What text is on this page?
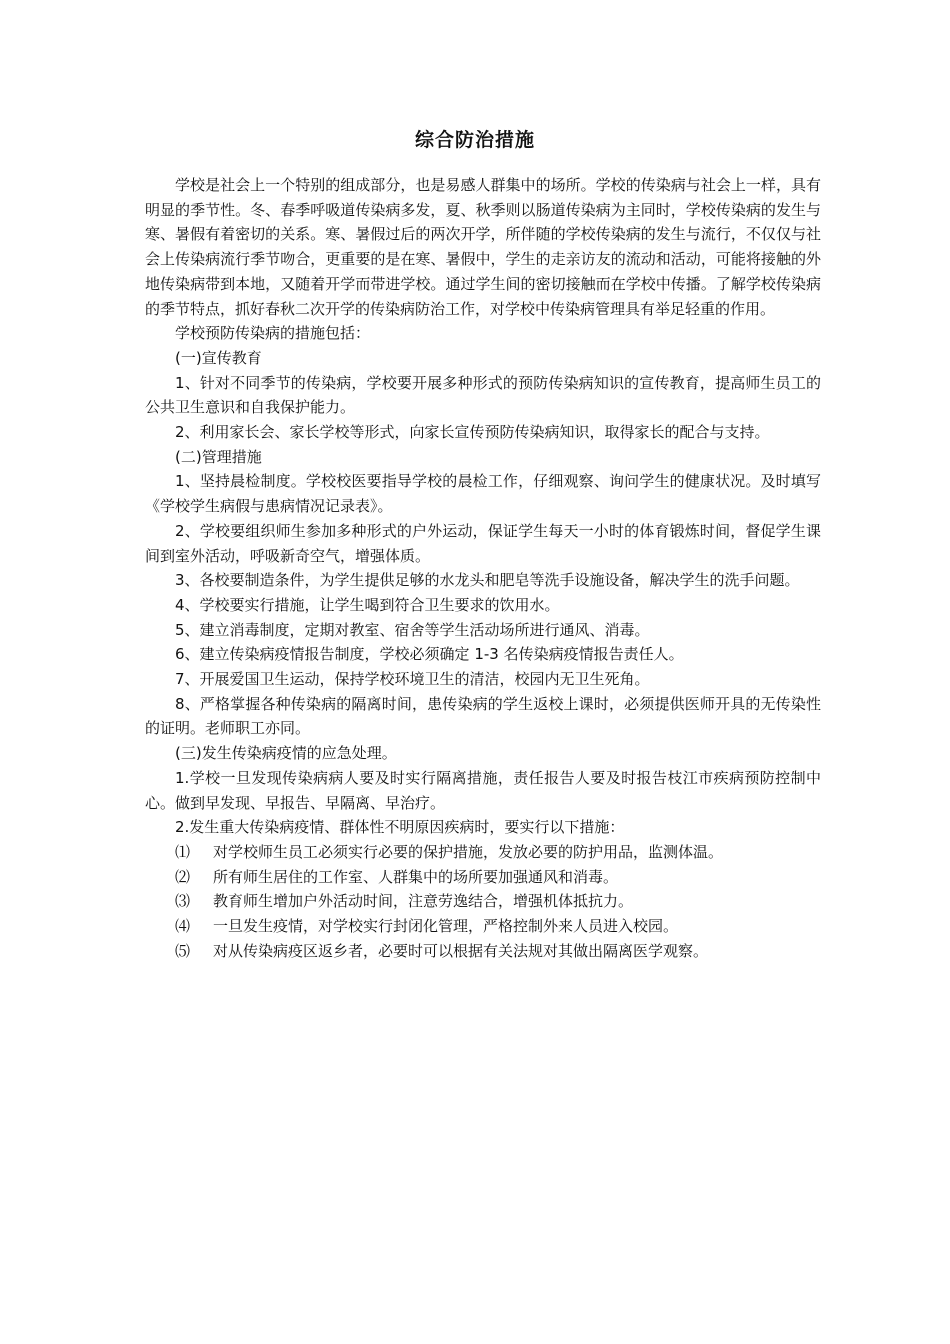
综合防治措施

学校是社会上一个特别的组成部分，也是易感人群集中的场所。学校的传染病与社会上一样，具有明显的季节性。冬、春季呼吸道传染病多发，夏、秋季则以肠道传染病为主同时，学校传染病的发生与寒、暑假有着密切的关系。寒、暑假过后的两次开学，所伴随的学校传染病的发生与流行，不仅仅与社会上传染病流行季节吻合，更重要的是在寒、暑假中，学生的走亲访友的流动和活动，可能将接触的外地传染病带到本地，又随着开学而带进学校。通过学生间的密切接触而在学校中传播。了解学校传染病的季节特点，抓好春秋二次开学的传染病防治工作，对学校中传染病管理具有举足轻重的作用。

学校预防传染病的措施包括：

(一)宣传教育

1、针对不同季节的传染病，学校要开展多种形式的预防传染病知识的宣传教育，提高师生员工的公共卫生意识和自我保护能力。

2、利用家长会、家长学校等形式，向家长宣传预防传染病知识，取得家长的配合与支持。

(二)管理措施

1、坚持晨检制度。学校校医要指导学校的晨检工作，仔细观察、询问学生的健康状况。及时填写《学校学生病假与患病情况记录表》。

2、学校要组织师生参加多种形式的户外运动，保证学生每天一小时的体育锻炼时间，督促学生课间到室外活动，呼吸新奇空气，增强体质。

3、各校要制造条件，为学生提供足够的水龙头和肥皂等洗手设施设备，解决学生的洗手问题。

4、学校要实行措施，让学生喝到符合卫生要求的饮用水。

5、建立消毒制度，定期对教室、宿舍等学生活动场所进行通风、消毒。

6、建立传染病疫情报告制度，学校必须确定 1-3 名传染病疫情报告责任人。

7、开展爱国卫生运动，保持学校环境卫生的清洁，校园内无卫生死角。

8、严格掌握各种传染病的隔离时间，患传染病的学生返校上课时，必须提供医师开具的无传染性的证明。老师职工亦同。

(三)发生传染病疫情的应急处理。

1.学校一旦发现传染病病人要及时实行隔离措施，责任报告人要及时报告枝江市疾病预防控制中心。做到早发现、早报告、早隔离、早治疗。

2.发生重大传染病疫情、群体性不明原因疾病时，要实行以下措施：

⑴ 对学校师生员工必须实行必要的保护措施，发放必要的防护用品，监测体温。

⑵ 所有师生居住的工作室、人群集中的场所要加强通风和消毒。

⑶ 教育师生增加户外活动时间，注意劳逸结合，增强机体抵抗力。

⑷ 一旦发生疫情，对学校实行封闭化管理，严格控制外来人员进入校园。

⑸ 对从传染病疫区返乡者，必要时可以根据有关法规对其做出隔离医学观察。
